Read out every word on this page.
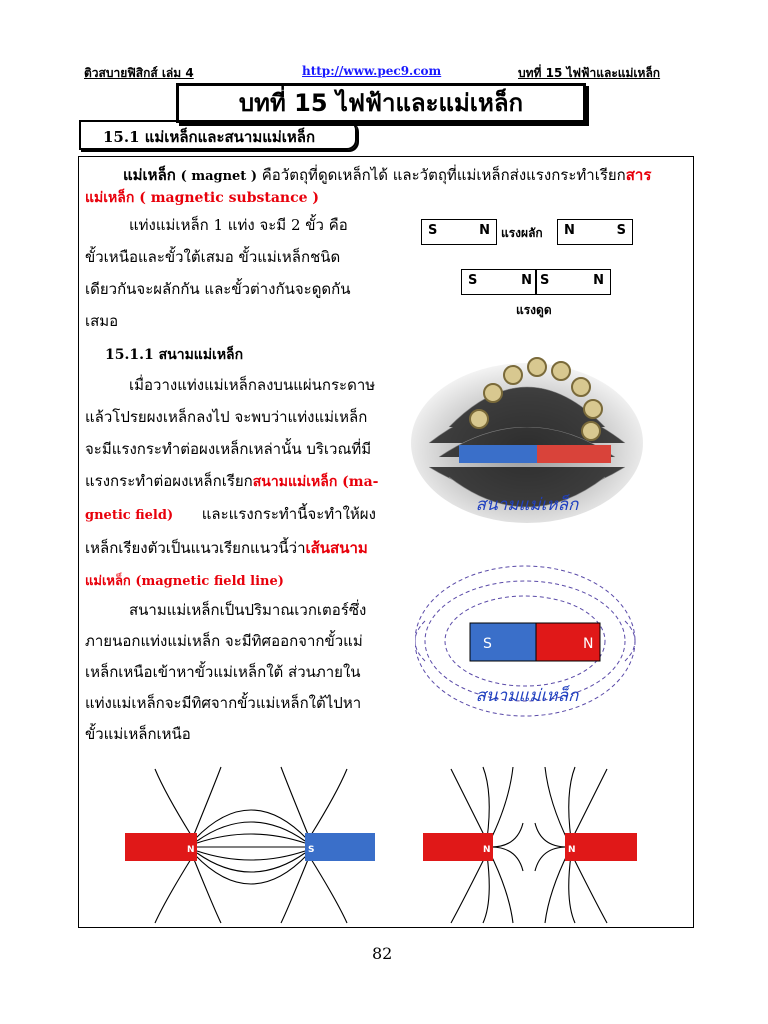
ติวสบายฟิสิกส์ เล่ม 4	http://www.pec9.com	บทที่ 15 ไฟฟ้าและแม่เหล็ก
บทที่ 15 ไฟฟ้าและแม่เหล็ก
15.1 แม่เหล็กและสนามแม่เหล็ก
แม่เหล็ก ( magnet ) คือวัตถุที่ดูดเหล็กได้ และวัตถุที่แม่เหล็กส่งแรงกระทำเรียกสาร
แม่เหล็ก ( magnetic substance )
แท่งแม่เหล็ก 1 แท่ง จะมี 2 ขั้ว คือ
ขั้วเหนือและขั้วใต้เสมอ ขั้วแม่เหล็กชนิด
เดียวกันจะผลักกัน และขั้วต่างกันจะดูดกัน
เสมอ
S	N แรงผลัก N	S
S	N S	N
แรงดูด
15.1.1 สนามแม่เหล็ก
เมื่อวางแท่งแม่เหล็กลงบนแผ่นกระดาษ
แล้วโปรยผงเหล็กลงไป จะพบว่าแท่งแม่เหล็ก
จะมีแรงกระทำต่อผงเหล็กเหล่านั้น บริเวณที่มี
แรงกระทำต่อผงเหล็กเรียกสนามแม่เหล็ก (ma-
gnetic field)      และแรงกระทำนี้จะทำให้ผง
เหล็กเรียงตัวเป็นแนวเรียกแนวนี้ว่าเส้นสนาม
แม่เหล็ก (magnetic field line)
สนามแม่เหล็กเป็นปริมาณเวกเตอร์ซึ่ง
ภายนอกแท่งแม่เหล็ก จะมีทิศออกจากขั้วแม่
เหล็กเหนือเข้าหาขั้วแม่เหล็กใต้ ส่วนภายใน
แท่งแม่เหล็กจะมีทิศจากขั้วแม่เหล็กใต้ไปหา
ขั้วแม่เหล็กเหนือ
สนามแม่เหล็ก
S	N
สนามแม่เหล็ก
N	S	N	N
82
